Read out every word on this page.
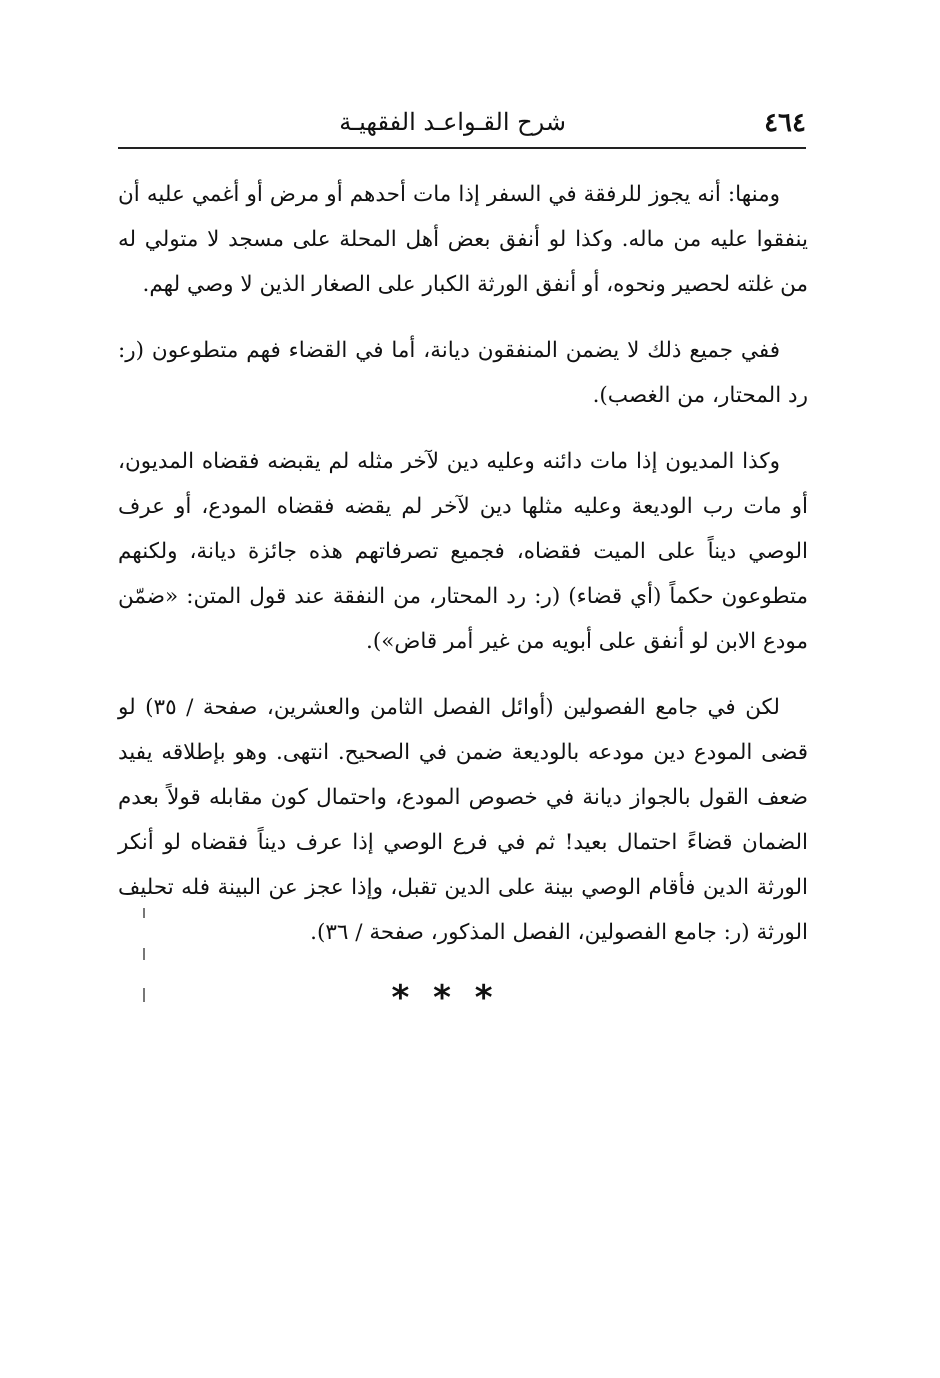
٤٦٤
شرح القـواعـد الفقهيـة

ومنها: أنه يجوز للرفقة في السفر إذا مات أحدهم أو مرض أو أغمي عليه أن ينفقوا عليه من ماله. وكذا لو أنفق بعض أهل المحلة على مسجد لا متولي له من غلته لحصير ونحوه، أو أنفق الورثة الكبار على الصغار الذين لا وصي لهم.

ففي جميع ذلك لا يضمن المنفقون ديانة، أما في القضاء فهم متطوعون (ر: رد المحتار، من الغصب).

وكذا المديون إذا مات دائنه وعليه دين لآخر مثله لم يقبضه فقضاه المديون، أو مات رب الوديعة وعليه مثلها دين لآخر لم يقضه فقضاه المودع، أو عرف الوصي ديناً على الميت فقضاه، فجميع تصرفاتهم هذه جائزة ديانة، ولكنهم متطوعون حكماً (أي قضاء) (ر: رد المحتار، من النفقة عند قول المتن: «ضمّن مودع الابن لو أنفق على أبويه من غير أمر قاض»).

لكن في جامع الفصولين (أوائل الفصل الثامن والعشرين، صفحة / ٣٥) لو قضى المودع دين مودعه بالوديعة ضمن في الصحيح. انتهى. وهو بإطلاقه يفيد ضعف القول بالجواز ديانة في خصوص المودع، واحتمال كون مقابله قولاً بعدم الضمان قضاءً احتمال بعيد! ثم في فرع الوصي إذا عرف ديناً فقضاه لو أنكر الورثة الدين فأقام الوصي بينة على الدين تقبل، وإذا عجز عن البينة فله تحليف الورثة (ر: جامع الفصولين، الفصل المذكور، صفحة / ٣٦).

* * *
